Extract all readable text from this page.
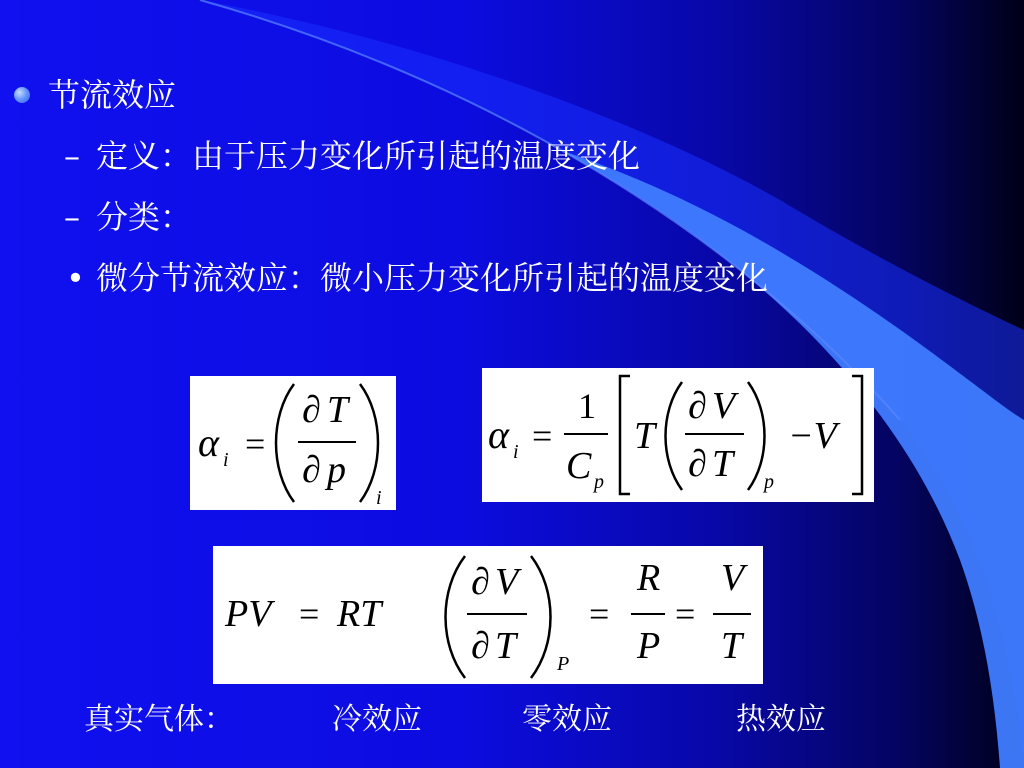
节流效应
– 定义：由于压力变化所引起的温度变化
– 分类：
• 微分节流效应：微小压力变化所引起的温度变化
α i =
∂ T
∂ p
i
α i =
1
C p
T
∂ V
∂ T p
−V
PV = RT
∂ V
∂ T P
=
R
P
=
V
T
真实气体：	冷效应	零效应	热效应
